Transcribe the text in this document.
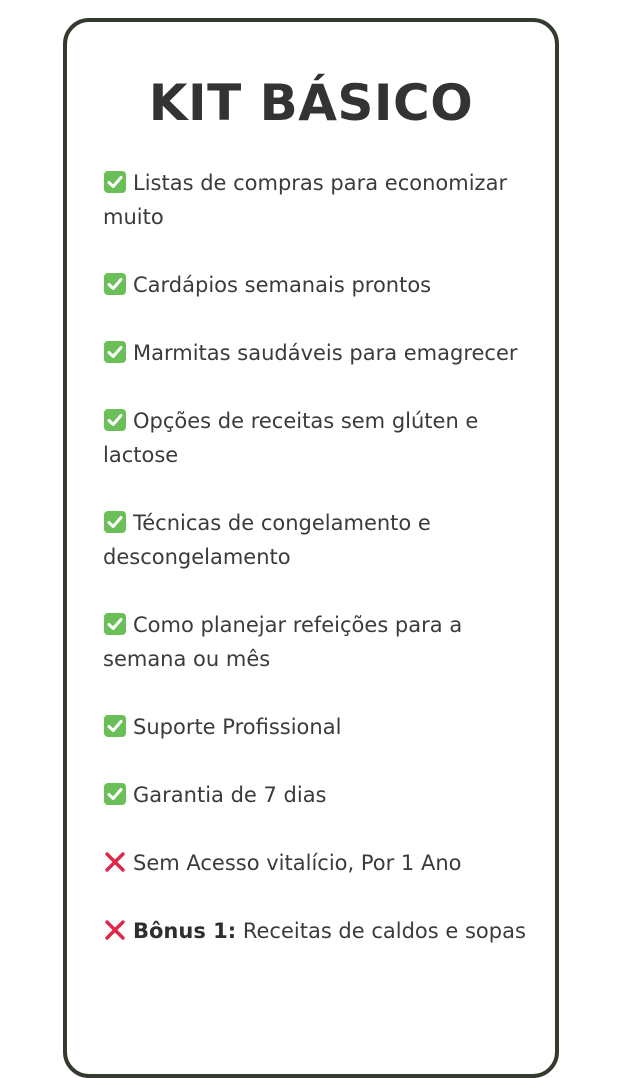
KIT BÁSICO
Listas de compras para economizar muito
Cardápios semanais prontos
Marmitas saudáveis para emagrecer
Opções de receitas sem glúten e lactose
Técnicas de congelamento e descongelamento
Como planejar refeições para a semana ou mês
Suporte Profissional
Garantia de 7 dias
Sem Acesso vitalício, Por 1 Ano
Bônus 1: Receitas de caldos e sopas
